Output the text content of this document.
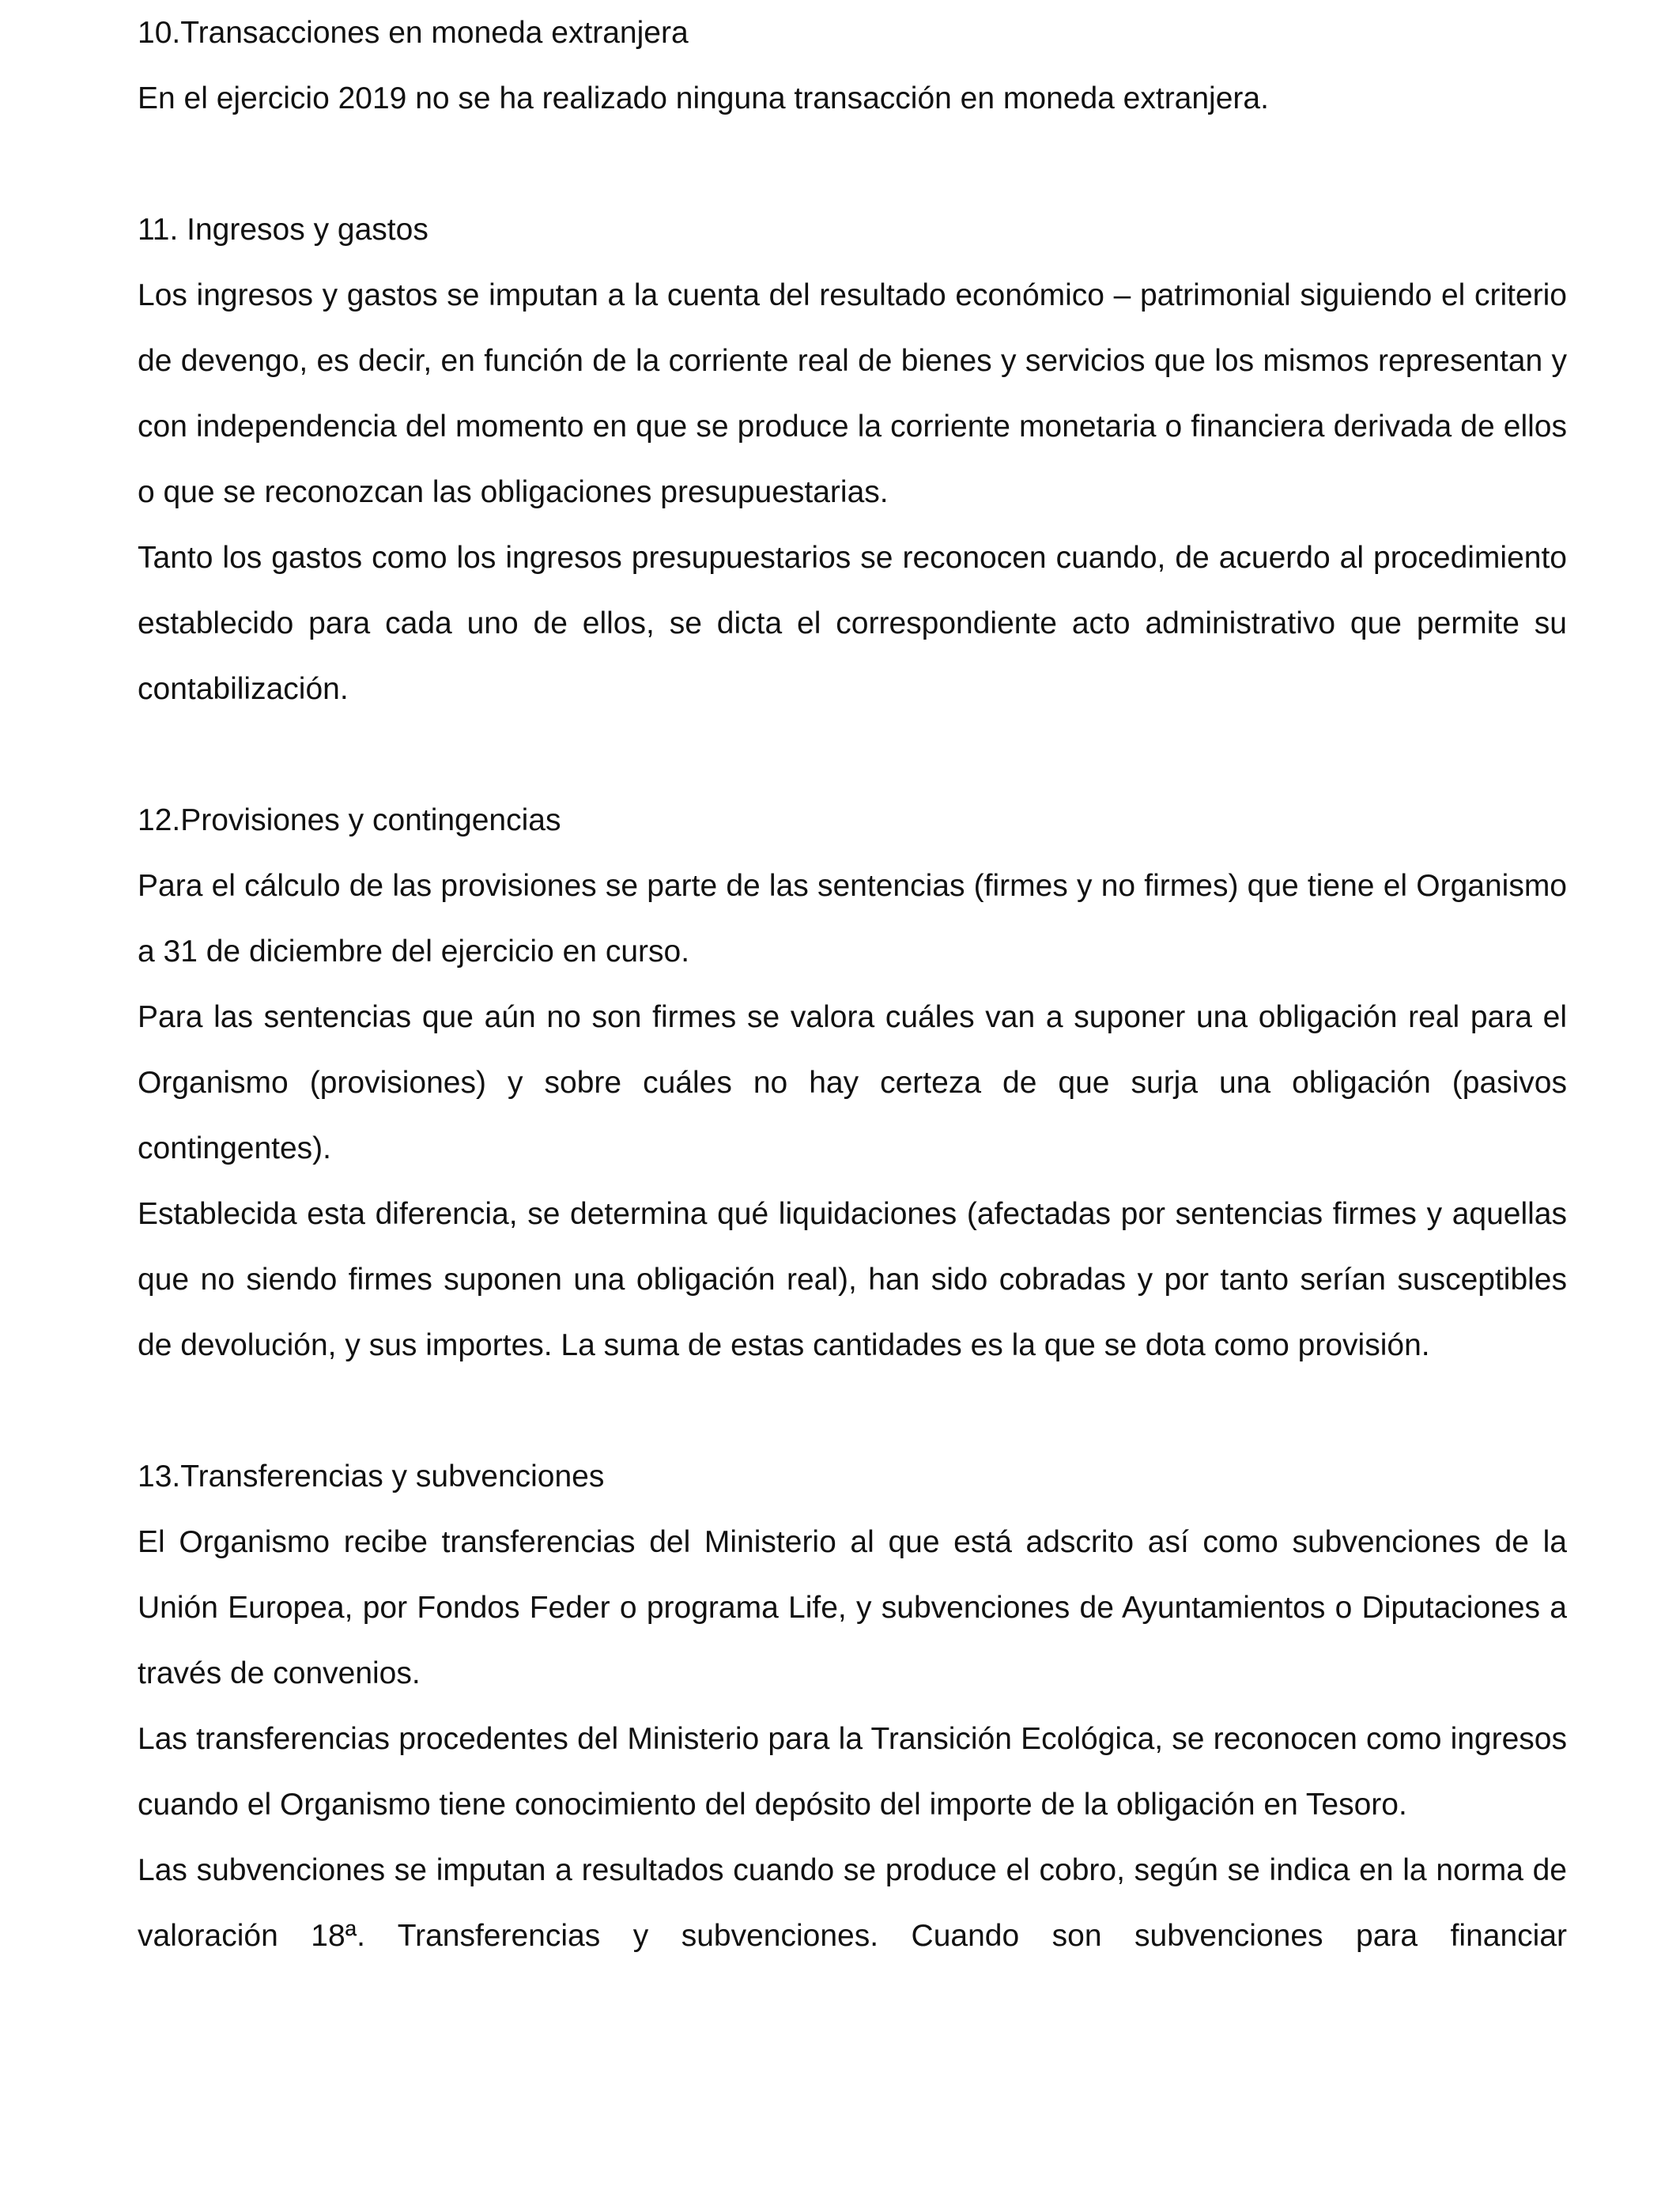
10.Transacciones en moneda extranjera

En el ejercicio 2019 no se ha realizado ninguna transacción en moneda extranjera.

11. Ingresos y gastos

Los ingresos y gastos se imputan a la cuenta del resultado económico – patrimonial siguiendo el criterio de devengo, es decir, en función de la corriente real de bienes y servicios que los mismos representan y con independencia del momento en que se produce la corriente monetaria o financiera derivada de ellos o que se reconozcan las obligaciones presupuestarias.

Tanto los gastos como los ingresos presupuestarios se reconocen cuando, de acuerdo al procedimiento establecido para cada uno de ellos, se dicta el correspondiente acto administrativo que permite su contabilización.

12.Provisiones y contingencias

Para el cálculo de las provisiones se parte de las sentencias (firmes y no firmes) que tiene el Organismo a 31 de diciembre del ejercicio en curso.

Para las sentencias que aún no son firmes se valora cuáles van a suponer una obligación real para el Organismo (provisiones) y sobre cuáles no hay certeza de que surja una obligación (pasivos contingentes).

Establecida esta diferencia, se determina qué liquidaciones (afectadas por sentencias firmes y aquellas que no siendo firmes suponen una obligación real), han sido cobradas y por tanto serían susceptibles de devolución, y sus importes. La suma de estas cantidades es la que se dota como provisión.

13.Transferencias y subvenciones

El Organismo recibe transferencias del Ministerio al que está adscrito así como subvenciones de la Unión Europea, por Fondos Feder o programa Life, y subvenciones de Ayuntamientos o Diputaciones a través de convenios.

Las transferencias procedentes del Ministerio para la Transición Ecológica, se reconocen como ingresos cuando el Organismo tiene conocimiento del depósito del importe de la obligación en Tesoro.

Las subvenciones se imputan a resultados cuando se produce el cobro, según se indica en la norma de valoración 18ª. Transferencias y subvenciones. Cuando son subvenciones para financiar
